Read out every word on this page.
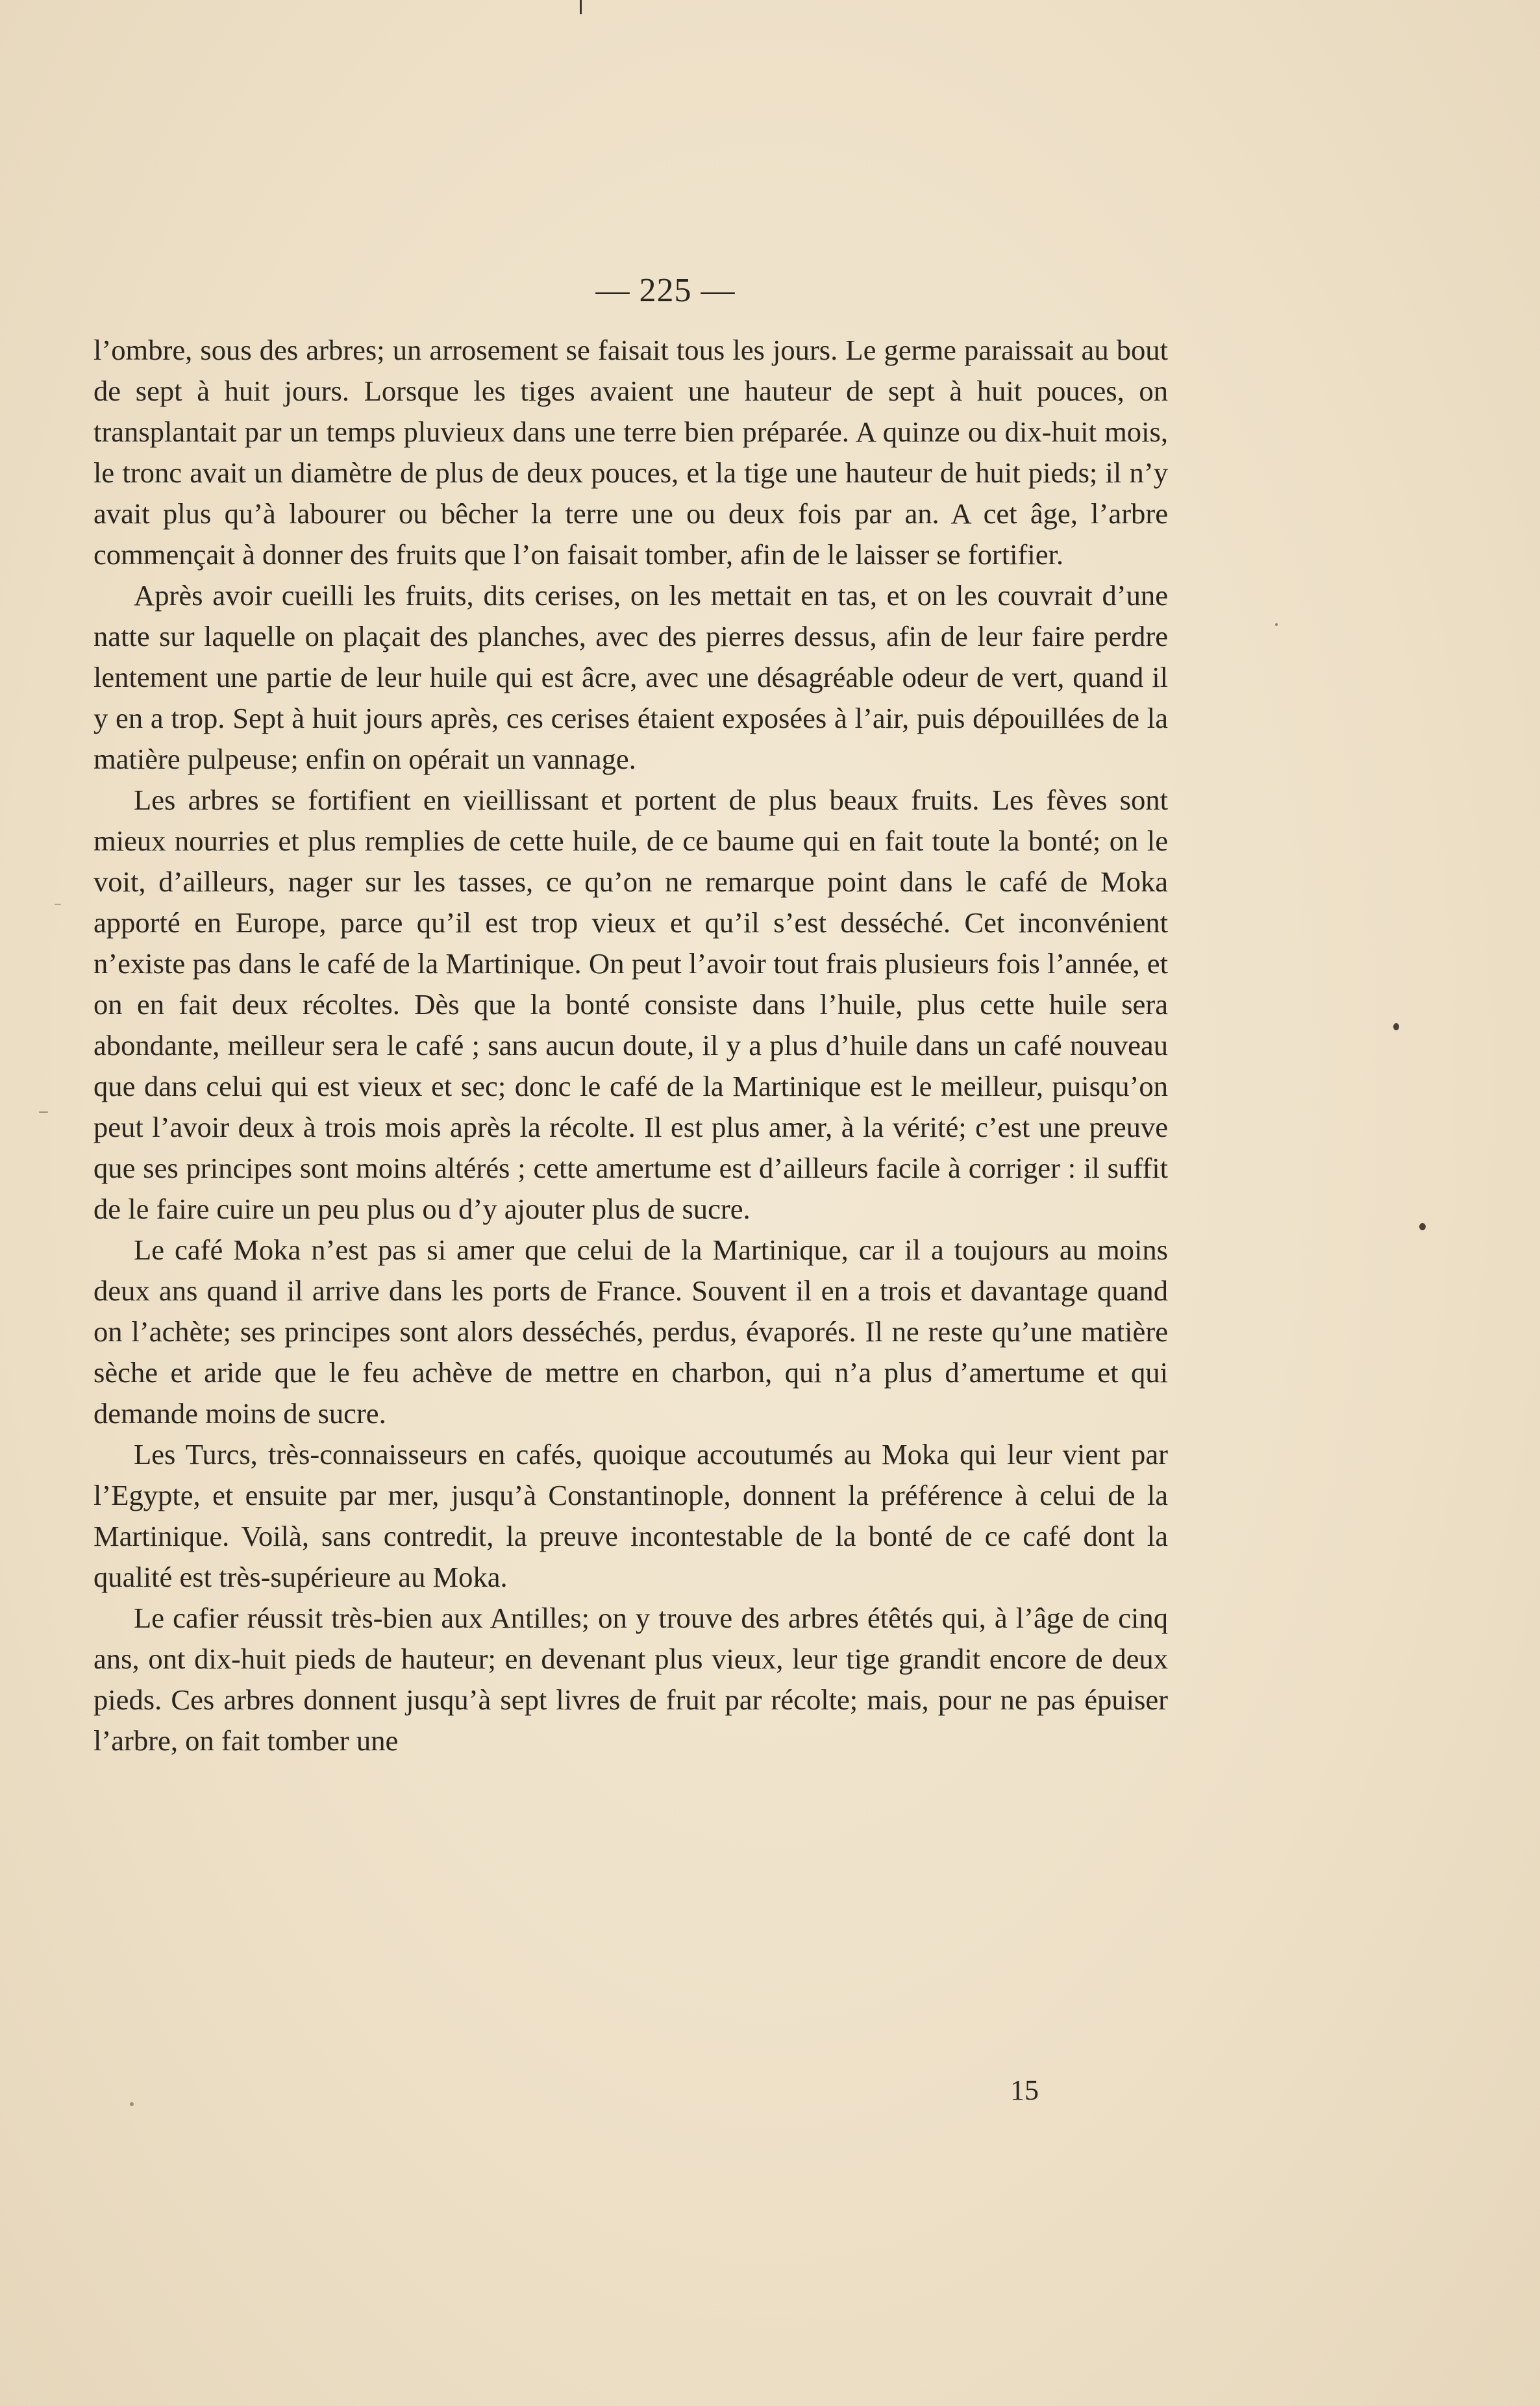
— 225 —

l’ombre, sous des arbres; un arrosement se faisait tous les jours. Le germe paraissait au bout de sept à huit jours. Lorsque les tiges avaient une hauteur de sept à huit pouces, on transplantait par un temps pluvieux dans une terre bien préparée. A quinze ou dix-huit mois, le tronc avait un diamètre de plus de deux pouces, et la tige une hauteur de huit pieds; il n’y avait plus qu’à labourer ou bêcher la terre une ou deux fois par an. A cet âge, l’arbre commençait à donner des fruits que l’on faisait tomber, afin de le laisser se fortifier.

Après avoir cueilli les fruits, dits cerises, on les mettait en tas, et on les couvrait d’une natte sur laquelle on plaçait des planches, avec des pierres dessus, afin de leur faire perdre lentement une partie de leur huile qui est âcre, avec une désagréable odeur de vert, quand il y en a trop. Sept à huit jours après, ces cerises étaient exposées à l’air, puis dépouillées de la matière pulpeuse; enfin on opérait un vannage.

Les arbres se fortifient en vieillissant et portent de plus beaux fruits. Les fèves sont mieux nourries et plus remplies de cette huile, de ce baume qui en fait toute la bonté; on le voit, d’ailleurs, nager sur les tasses, ce qu’on ne remarque point dans le café de Moka apporté en Europe, parce qu’il est trop vieux et qu’il s’est desséché. Cet inconvénient n’existe pas dans le café de la Martinique. On peut l’avoir tout frais plusieurs fois l’année, et on en fait deux récoltes. Dès que la bonté consiste dans l’huile, plus cette huile sera abondante, meilleur sera le café ; sans aucun doute, il y a plus d’huile dans un café nouveau que dans celui qui est vieux et sec; donc le café de la Martinique est le meilleur, puisqu’on peut l’avoir deux à trois mois après la récolte. Il est plus amer, à la vérité; c’est une preuve que ses principes sont moins altérés ; cette amertume est d’ailleurs facile à corriger : il suffit de le faire cuire un peu plus ou d’y ajouter plus de sucre.

Le café Moka n’est pas si amer que celui de la Martinique, car il a toujours au moins deux ans quand il arrive dans les ports de France. Souvent il en a trois et davantage quand on l’achète; ses principes sont alors desséchés, perdus, évaporés. Il ne reste qu’une matière sèche et aride que le feu achève de mettre en charbon, qui n’a plus d’amertume et qui demande moins de sucre.

Les Turcs, très-connaisseurs en cafés, quoique accoutumés au Moka qui leur vient par l’Egypte, et ensuite par mer, jusqu’à Constantinople, donnent la préférence à celui de la Martinique. Voilà, sans contredit, la preuve incontestable de la bonté de ce café dont la qualité est très-supérieure au Moka.

Le cafier réussit très-bien aux Antilles; on y trouve des arbres étêtés qui, à l’âge de cinq ans, ont dix-huit pieds de hauteur; en devenant plus vieux, leur tige grandit encore de deux pieds. Ces arbres donnent jusqu’à sept livres de fruit par récolte; mais, pour ne pas épuiser l’arbre, on fait tomber une

15
